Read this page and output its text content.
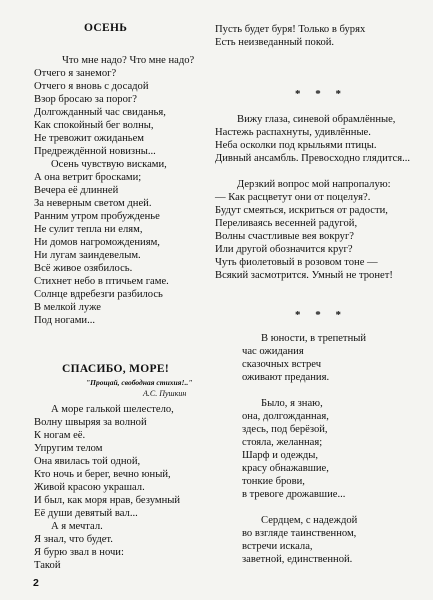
ОСЕНЬ
Что мне надо? Что мне надо?
Отчего я занемог?
Отчего я вновь с досадой
Взор бросаю за порог?
Долгожданный час свиданья,
Как спокойный бег волны,
Не тревожит ожиданьем
Предреждённой новизны...
Осень чувствую висками,
А она ветрит бросками;
Вечера её длинней
За неверным светом дней.
Ранним утром пробужденье
Не сулит тепла ни елям,
Ни домов нагромождениям,
Ни лугам заиндевелым.
Всё живое озябилось.
Стихнет небо в птичьем гаме.
Солнце вдребезги разбилось
В мелкой луже
Под ногами...
СПАСИБО, МОРЕ!
"Прощай, свободная стихия!.."
А.С. Пушкин
А море галькой шелестело,
Волну швыряя за волной
К ногам её.
Упругим телом
Она явилась той одной,
Кто ночь и берег, вечно юный,
Живой красою украшал.
И был, как моря нрав, безумный
Её души девятый вал...
А я мечтал.
Я знал, что будет.
Я бурю звал в ночи:
Такой
2
Пусть будет буря! Только в бурях
Есть неизведанный покой.
* * *
Вижу глаза, синевой обрамлённые,
Настежь распахнуты, удивлённые.
Неба осколки под крыльями птицы.
Дивный ансамбль. Превосходно глядится...
Дерзкий вопрос мой напропалую:
— Как расцветут они от поцелуя?.
Будут смеяться, искриться от радости,
Переливаясь весенней радугой,
Волны счастливые вея вокруг?
Или другой обозначится круг?
Чуть фиолетовый в розовом тоне —
Всякий засмотрится. Умный не тронет!
* * *
В юности, в трепетный
час ожидания
сказочных встреч
оживают предания.
Было, я знаю,
она, долгожданная,
здесь, под берёзой,
стояла, желанная;
Шарф и одежды,
красу обнажавшие,
тонкие брови,
в тревоге дрожавшие...
Сердцем, с надеждой
во взгляде таинственном,
встречи искала,
заветной, единственной.
